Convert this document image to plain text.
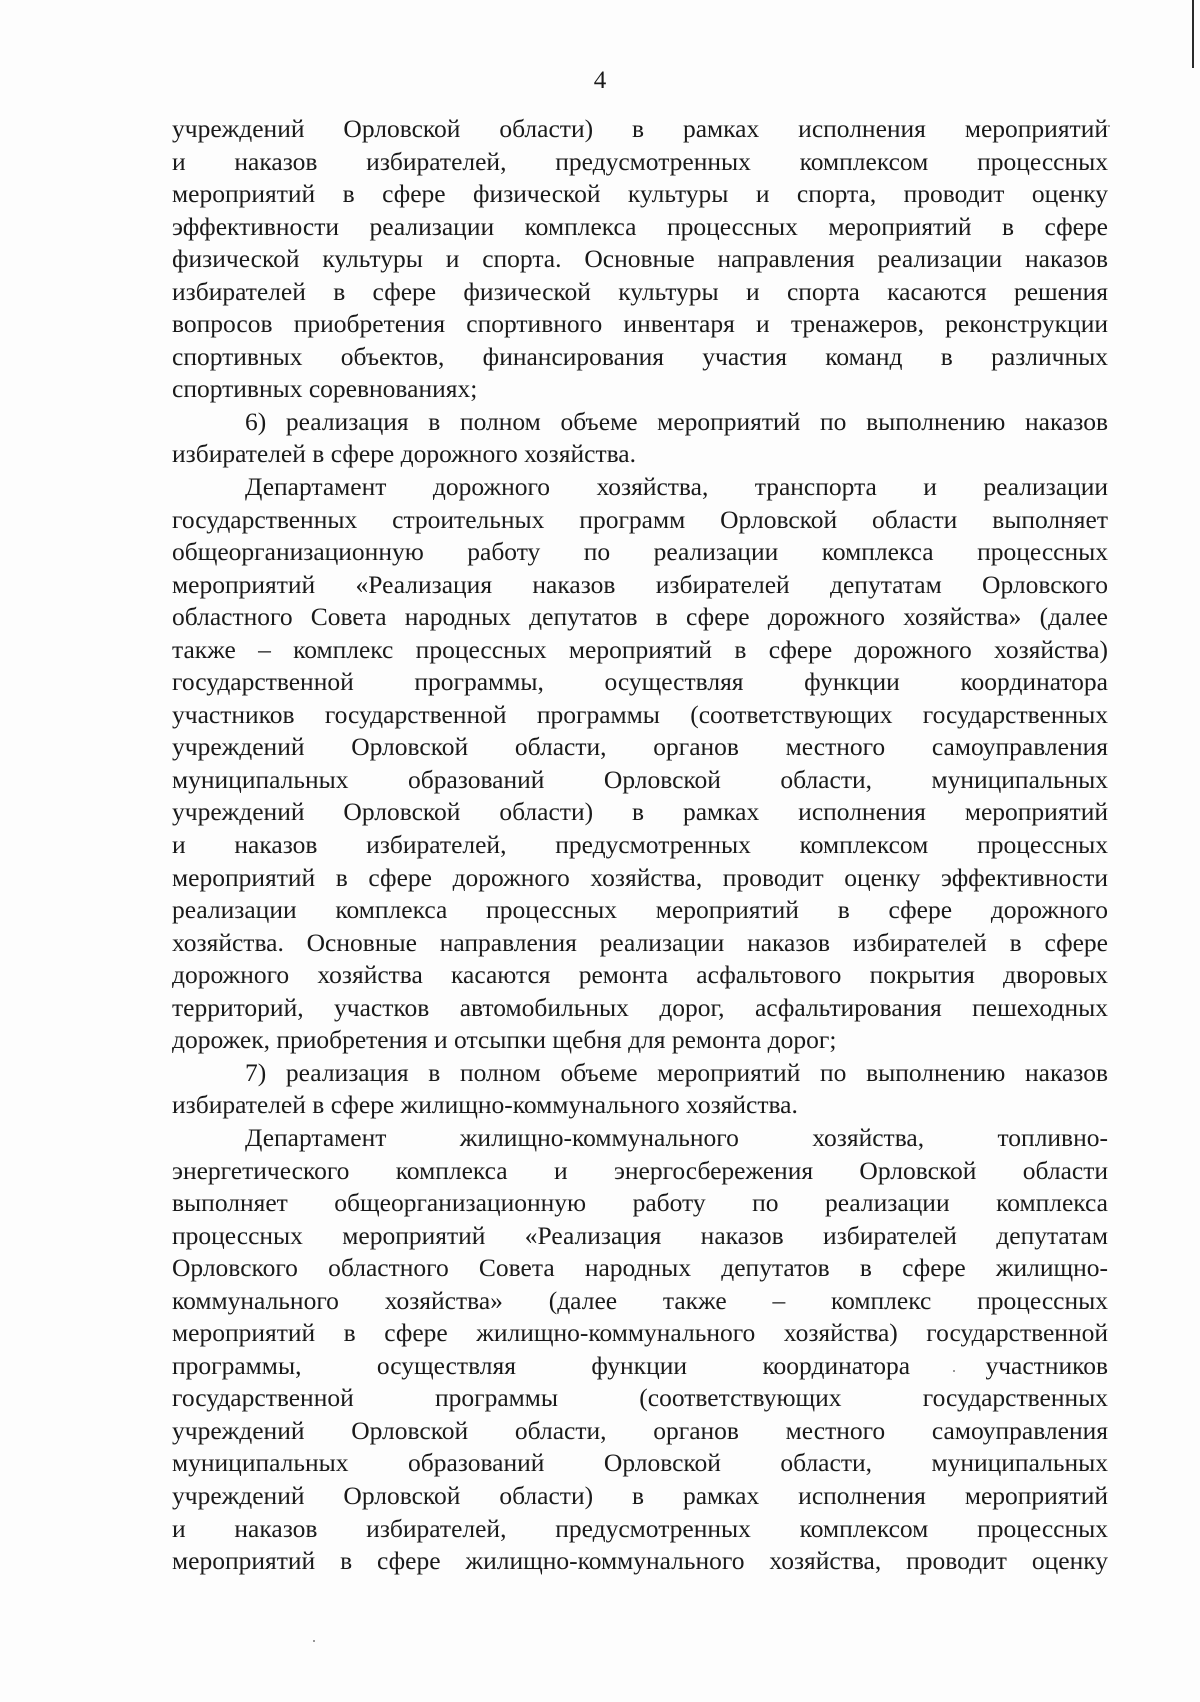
4
учреждений Орловской области) в рамках исполнения мероприятий
и наказов избирателей, предусмотренных комплексом процессных
мероприятий в сфере физической культуры и спорта, проводит оценку
эффективности реализации комплекса процессных мероприятий в сфере
физической культуры и спорта. Основные направления реализации наказов
избирателей в сфере физической культуры и спорта касаются решения
вопросов приобретения спортивного инвентаря и тренажеров, реконструкции
спортивных объектов, финансирования участия команд в различных
спортивных соревнованиях;
6) реализация в полном объеме мероприятий по выполнению наказов
избирателей в сфере дорожного хозяйства.
Департамент дорожного хозяйства, транспорта и реализации
государственных строительных программ Орловской области выполняет
общеорганизационную работу по реализации комплекса процессных
мероприятий «Реализация наказов избирателей депутатам Орловского
областного Совета народных депутатов в сфере дорожного хозяйства» (далее
также – комплекс процессных мероприятий в сфере дорожного хозяйства)
государственной программы, осуществляя функции координатора
участников государственной программы (соответствующих государственных
учреждений Орловской области, органов местного самоуправления
муниципальных образований Орловской области, муниципальных
учреждений Орловской области) в рамках исполнения мероприятий
и наказов избирателей, предусмотренных комплексом процессных
мероприятий в сфере дорожного хозяйства, проводит оценку эффективности
реализации комплекса процессных мероприятий в сфере дорожного
хозяйства. Основные направления реализации наказов избирателей в сфере
дорожного хозяйства касаются ремонта асфальтового покрытия дворовых
территорий, участков автомобильных дорог, асфальтирования пешеходных
дорожек, приобретения и отсыпки щебня для ремонта дорог;
7) реализация в полном объеме мероприятий по выполнению наказов
избирателей в сфере жилищно-коммунального хозяйства.
Департамент жилищно-коммунального хозяйства, топливно-
энергетического комплекса и энергосбережения Орловской области
выполняет общеорганизационную работу по реализации комплекса
процессных мероприятий «Реализация наказов избирателей депутатам
Орловского областного Совета народных депутатов в сфере жилищно-
коммунального хозяйства» (далее также – комплекс процессных
мероприятий в сфере жилищно-коммунального хозяйства) государственной
программы, осуществляя функции координатора участников
государственной программы (соответствующих государственных
учреждений Орловской области, органов местного самоуправления
муниципальных образований Орловской области, муниципальных
учреждений Орловской области) в рамках исполнения мероприятий
и наказов избирателей, предусмотренных комплексом процессных
мероприятий в сфере жилищно-коммунального хозяйства, проводит оценку
